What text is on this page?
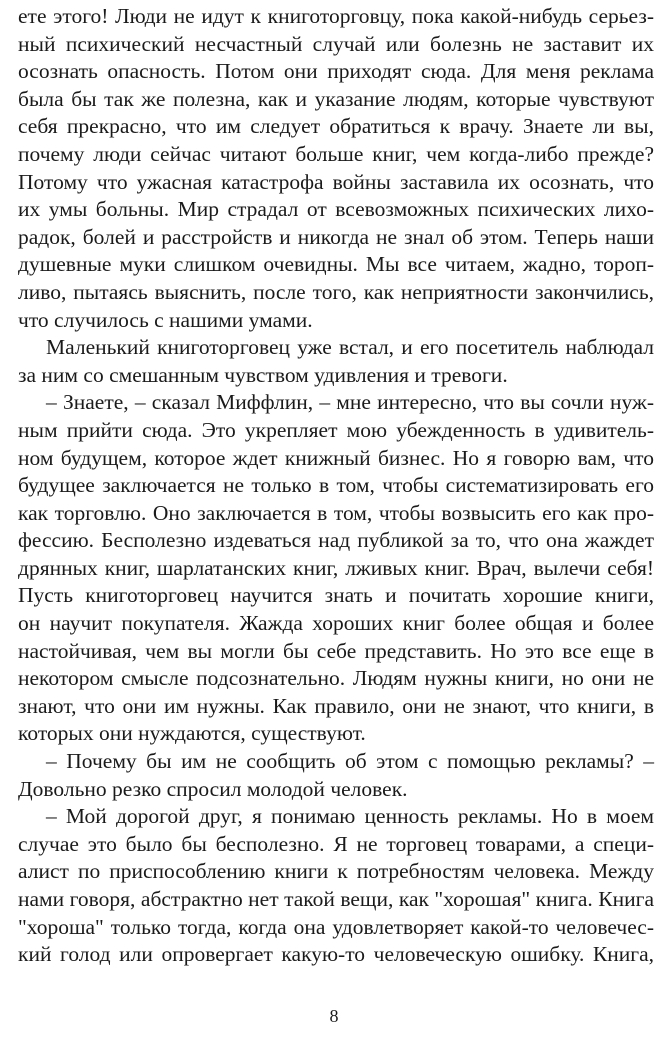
ете этого! Люди не идут к книготорговцу, пока какой-нибудь серьез-
ный психический несчастный случай или болезнь не заставит их
осознать опасность. Потом они приходят сюда. Для меня реклама
была бы так же полезна, как и указание людям, которые чувствуют
себя прекрасно, что им следует обратиться к врачу. Знаете ли вы,
почему люди сейчас читают больше книг, чем когда-либо прежде?
Потому что ужасная катастрофа войны заставила их осознать, что
их умы больны. Мир страдал от всевозможных психических лихо-
радок, болей и расстройств и никогда не знал об этом. Теперь наши
душевные муки слишком очевидны. Мы все читаем, жадно, тороп-
ливо, пытаясь выяснить, после того, как неприятности закончились,
что случилось с нашими умами.
Маленький книготорговец уже встал, и его посетитель наблюдал
за ним со смешанным чувством удивления и тревоги.
– Знаете, – сказал Миффлин, – мне интересно, что вы сочли нуж-
ным прийти сюда. Это укрепляет мою убежденность в удивитель-
ном будущем, которое ждет книжный бизнес. Но я говорю вам, что
будущее заключается не только в том, чтобы систематизировать его
как торговлю. Оно заключается в том, чтобы возвысить его как про-
фессию. Бесполезно издеваться над публикой за то, что она жаждет
дрянных книг, шарлатанских книг, лживых книг. Врач, вылечи себя!
Пусть книготорговец научится знать и почитать хорошие книги,
он научит покупателя. Жажда хороших книг более общая и более
настойчивая, чем вы могли бы себе представить. Но это все еще в
некотором смысле подсознательно. Людям нужны книги, но они не
знают, что они им нужны. Как правило, они не знают, что книги, в
которых они нуждаются, существуют.
– Почему бы им не сообщить об этом с помощью рекламы? –
Довольно резко спросил молодой человек.
– Мой дорогой друг, я понимаю ценность рекламы. Но в моем
случае это было бы бесполезно. Я не торговец товарами, а специ-
алист по приспособлению книги к потребностям человека. Между
нами говоря, абстрактно нет такой вещи, как "хорошая" книга. Книга
"хороша" только тогда, когда она удовлетворяет какой-то человечес-
кий голод или опровергает какую-то человеческую ошибку. Книга,
8
